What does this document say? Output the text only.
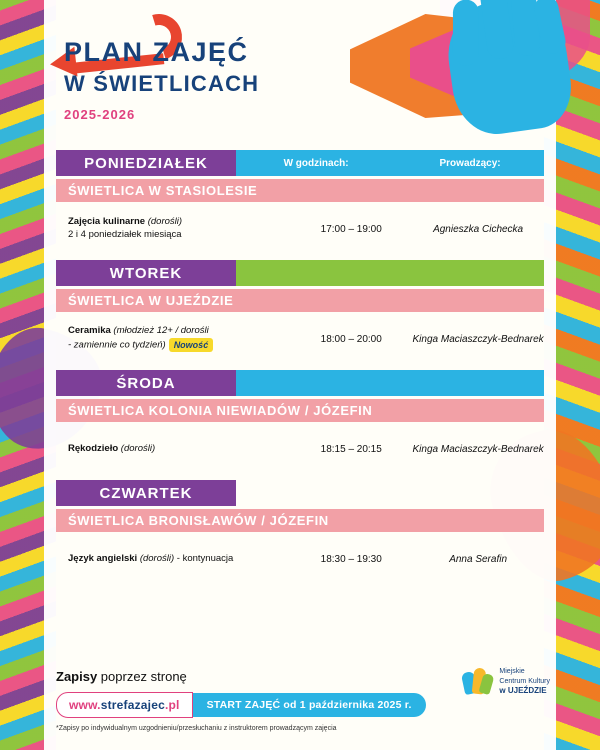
PLAN ZAJĘĆ
W ŚWIETLICACH
2025-2026
PONIEDZIAŁEK	W godzinach:	Prowadzący:
ŚWIETLICA W STASIOLESIE
Zajęcia kulinarne (dorośli)
2 i 4 poniedziałek miesiąca	17:00 – 19:00	Agnieszka Cichecka
WTOREK
ŚWIETLICA W UJEŹDZIE
Ceramika (młodzież 12+ / dorośli
- zamiennie co tydzień) Nowość
18:00 – 20:00	Kinga Maciaszczyk-Bednarek
ŚRODA
ŚWIETLICA KOLONIA NIEWIADÓW / JÓZEFIN
Rękodzieło (dorośli)	18:15 – 20:15	Kinga Maciaszczyk-Bednarek
CZWARTEK
ŚWIETLICA BRONISŁAWÓW / JÓZEFIN
Język angielski (dorośli) - kontynuacja	18:30 – 19:30	Anna Serafin
Zapisy poprzez stronę
www.strefazajec.pl	START ZAJĘĆ od 1 października 2025 r.
*Zapisy po indywidualnym uzgodnieniu/przesłuchaniu z instruktorem prowadzącym zajęcia
Miejskie
Centrum Kultury
w UJEŹDZIE
